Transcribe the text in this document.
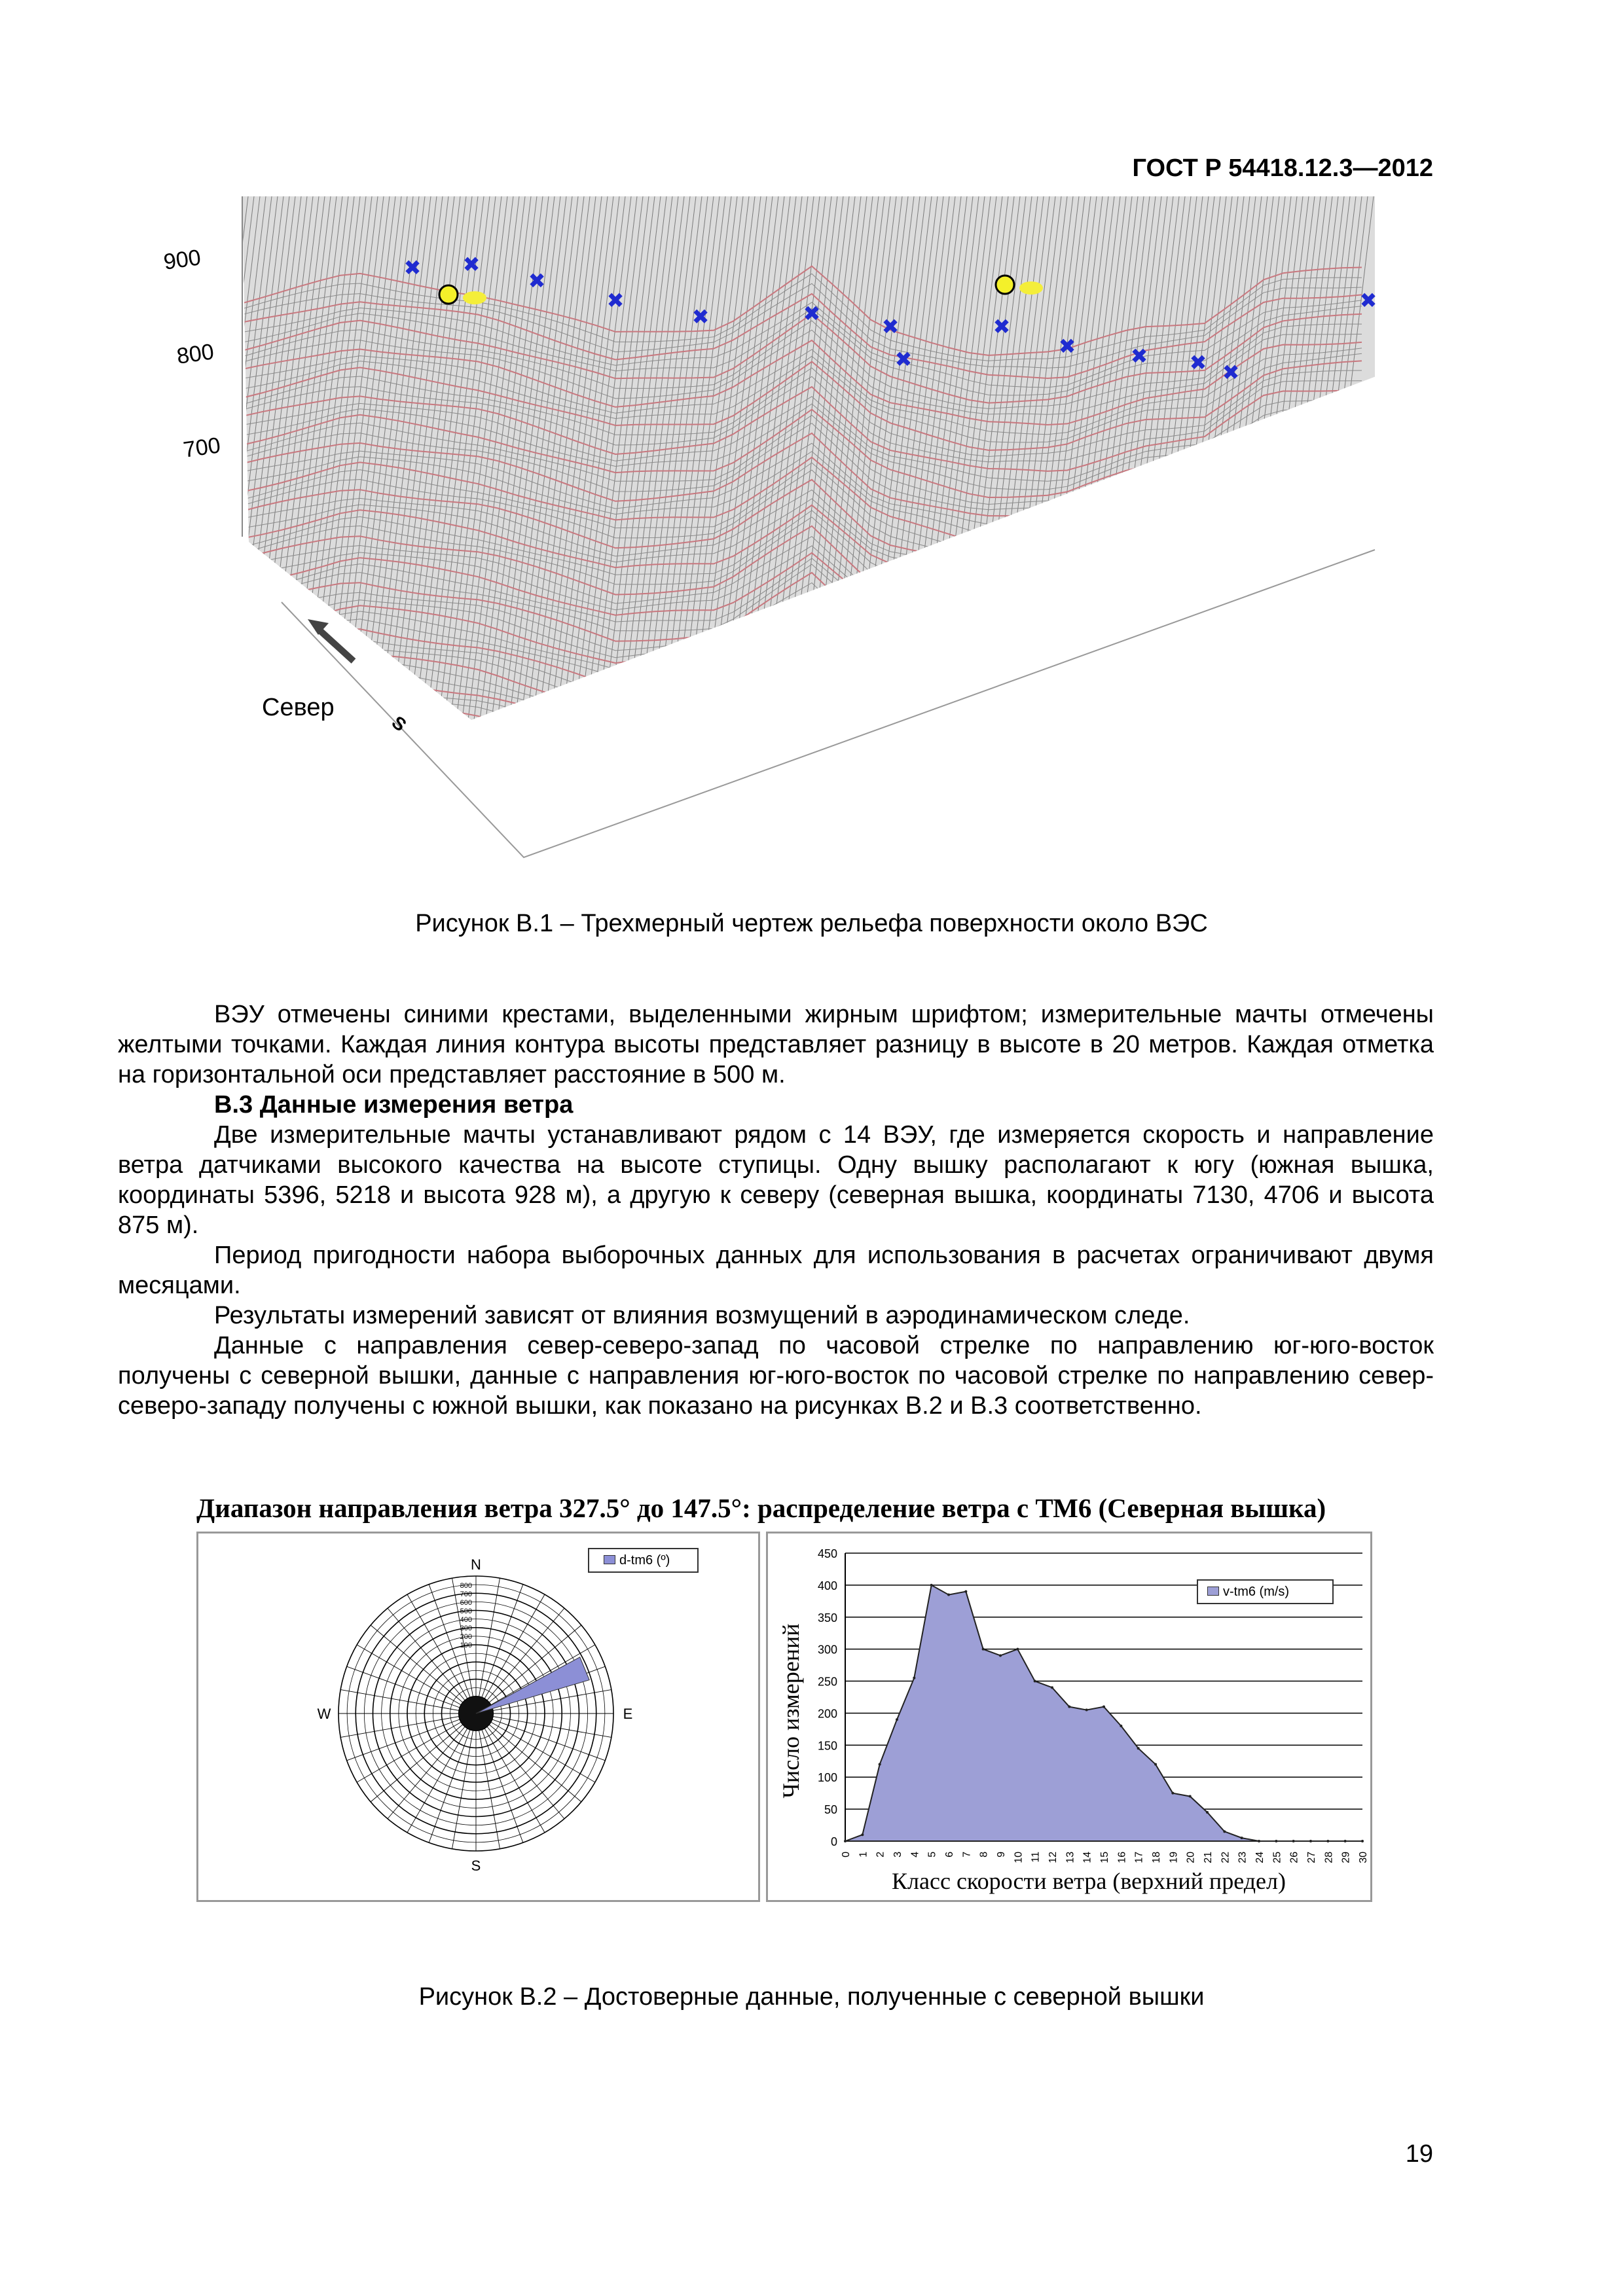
ГОСТ Р 54418.12.3—2012
✖ ✖
✖
✖
✖	✖
✖
✖
✖
✖	✖ ✖ ✖
✖
900
800
700
Север
S
Рисунок В.1 – Трехмерный чертеж рельефа поверхности около ВЭС

ВЭУ отмечены синими крестами, выделенными жирным шрифтом; измерительные мачты отмечены желтыми точками. Каждая линия контура высоты представляет разницу в высоте в 20 метров. Каждая отметка на горизонтальной оси представляет расстояние в 500 м.

В.3 Данные измерения ветра

Две измерительные мачты устанавливают рядом с 14 ВЭУ, где измеряется скорость и направление ветра датчиками высокого качества на высоте ступицы. Одну вышку располагают к югу (южная вышка, координаты 5396, 5218 и высота 928 м), а другую к северу (северная вышка, координаты 7130, 4706 и высота 875 м).

Период пригодности набора выборочных данных для использования в расчетах ограничивают двумя месяцами.

Результаты измерений зависят от влияния возмущений в аэродинамическом следе.

Данные с направления север-северо-запад по часовой стрелке по направлению юг-юго-восток получены с северной вышки, данные с направления юг-юго-восток по часовой стрелке по направлению север-северо-западу получены с южной вышки, как показано на рисунках В.2 и В.3 соответственно.

Диапазон направления ветра 327.5° до 147.5°: распределение ветра с ТМ6 (Северная вышка)
N
E
S
W
800
700
600
500
400
300
200
100
d-tm6 (º)
0
50
100
150
200
250
300
350
400
450
0 1 2 3 4 5 6 7 8 9 10 11 12 13 14 15 16 17 18 19 20 21 22 23 24 25 26 27 28 29 30
v-tm6 (m/s)
Число измерений
Класс скорости ветра (верхний предел)
Рисунок В.2 – Достоверные данные, полученные с северной вышки
19
